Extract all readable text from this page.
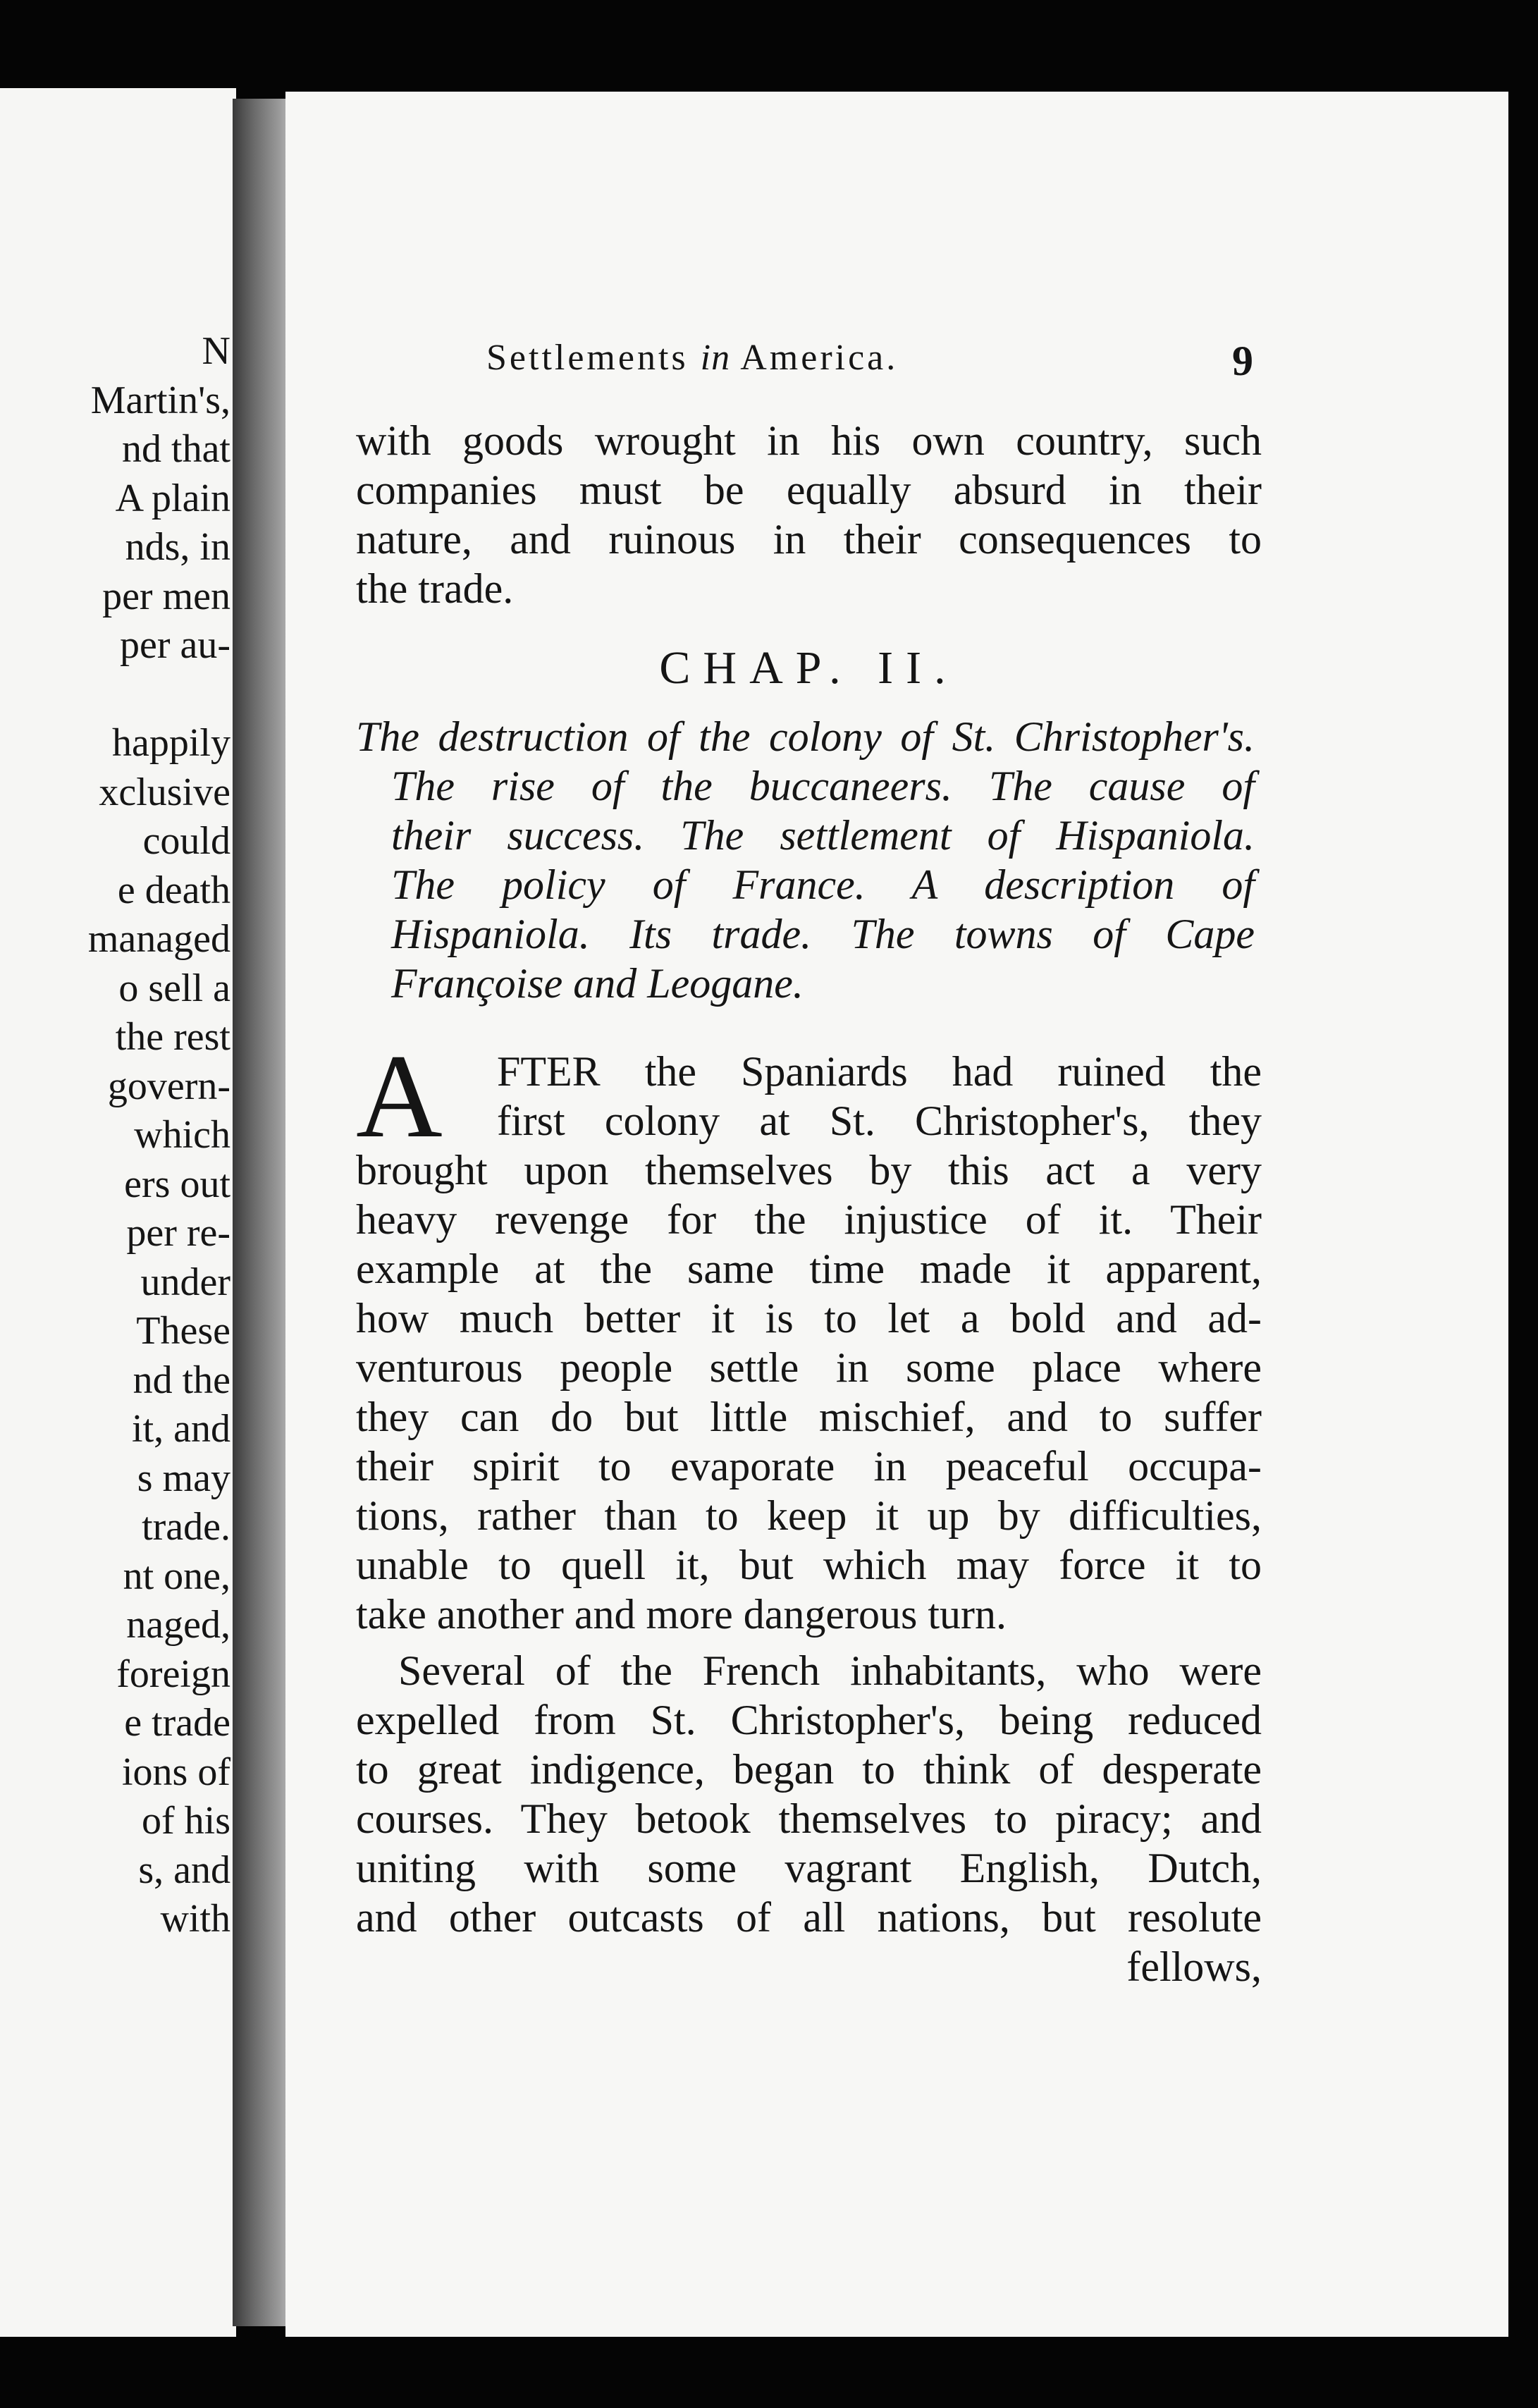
N
Martin's,
nd that
A plain
nds, in
per men
per au-
happily
xclusive
could
e death
managed
o sell a
the rest
govern-
which
ers out
per re-
under
These
nd the
it, and
s may
trade.
nt one,
naged,
foreign
e trade
ions of
of his
s, and
with
Settlements in America.	9
with goods wrought in his own country, such
companies must be equally absurd in their
nature, and ruinous in their consequences to
the trade.
CHAP. II.
The destruction of the colony of St. Christopher's.
The rise of the buccaneers. The cause of
their success. The settlement of Hispaniola.
The policy of France. A description of
Hispaniola. Its trade. The towns of Cape
Françoise and Leogane.
A	FTER the Spaniards had ruined the
first colony at St. Christopher's, they
brought upon themselves by this act a very
heavy revenge for the injustice of it. Their
example at the same time made it apparent,
how much better it is to let a bold and ad-
venturous people settle in some place where
they can do but little mischief, and to suffer
their spirit to evaporate in peaceful occupa-
tions, rather than to keep it up by difficulties,
unable to quell it, but which may force it to
take another and more dangerous turn.
Several of the French inhabitants, who were
expelled from St. Christopher's, being reduced
to great indigence, began to think of desperate
courses. They betook themselves to piracy; and
uniting with some vagrant English, Dutch,
and other outcasts of all nations, but resolute
fellows,
